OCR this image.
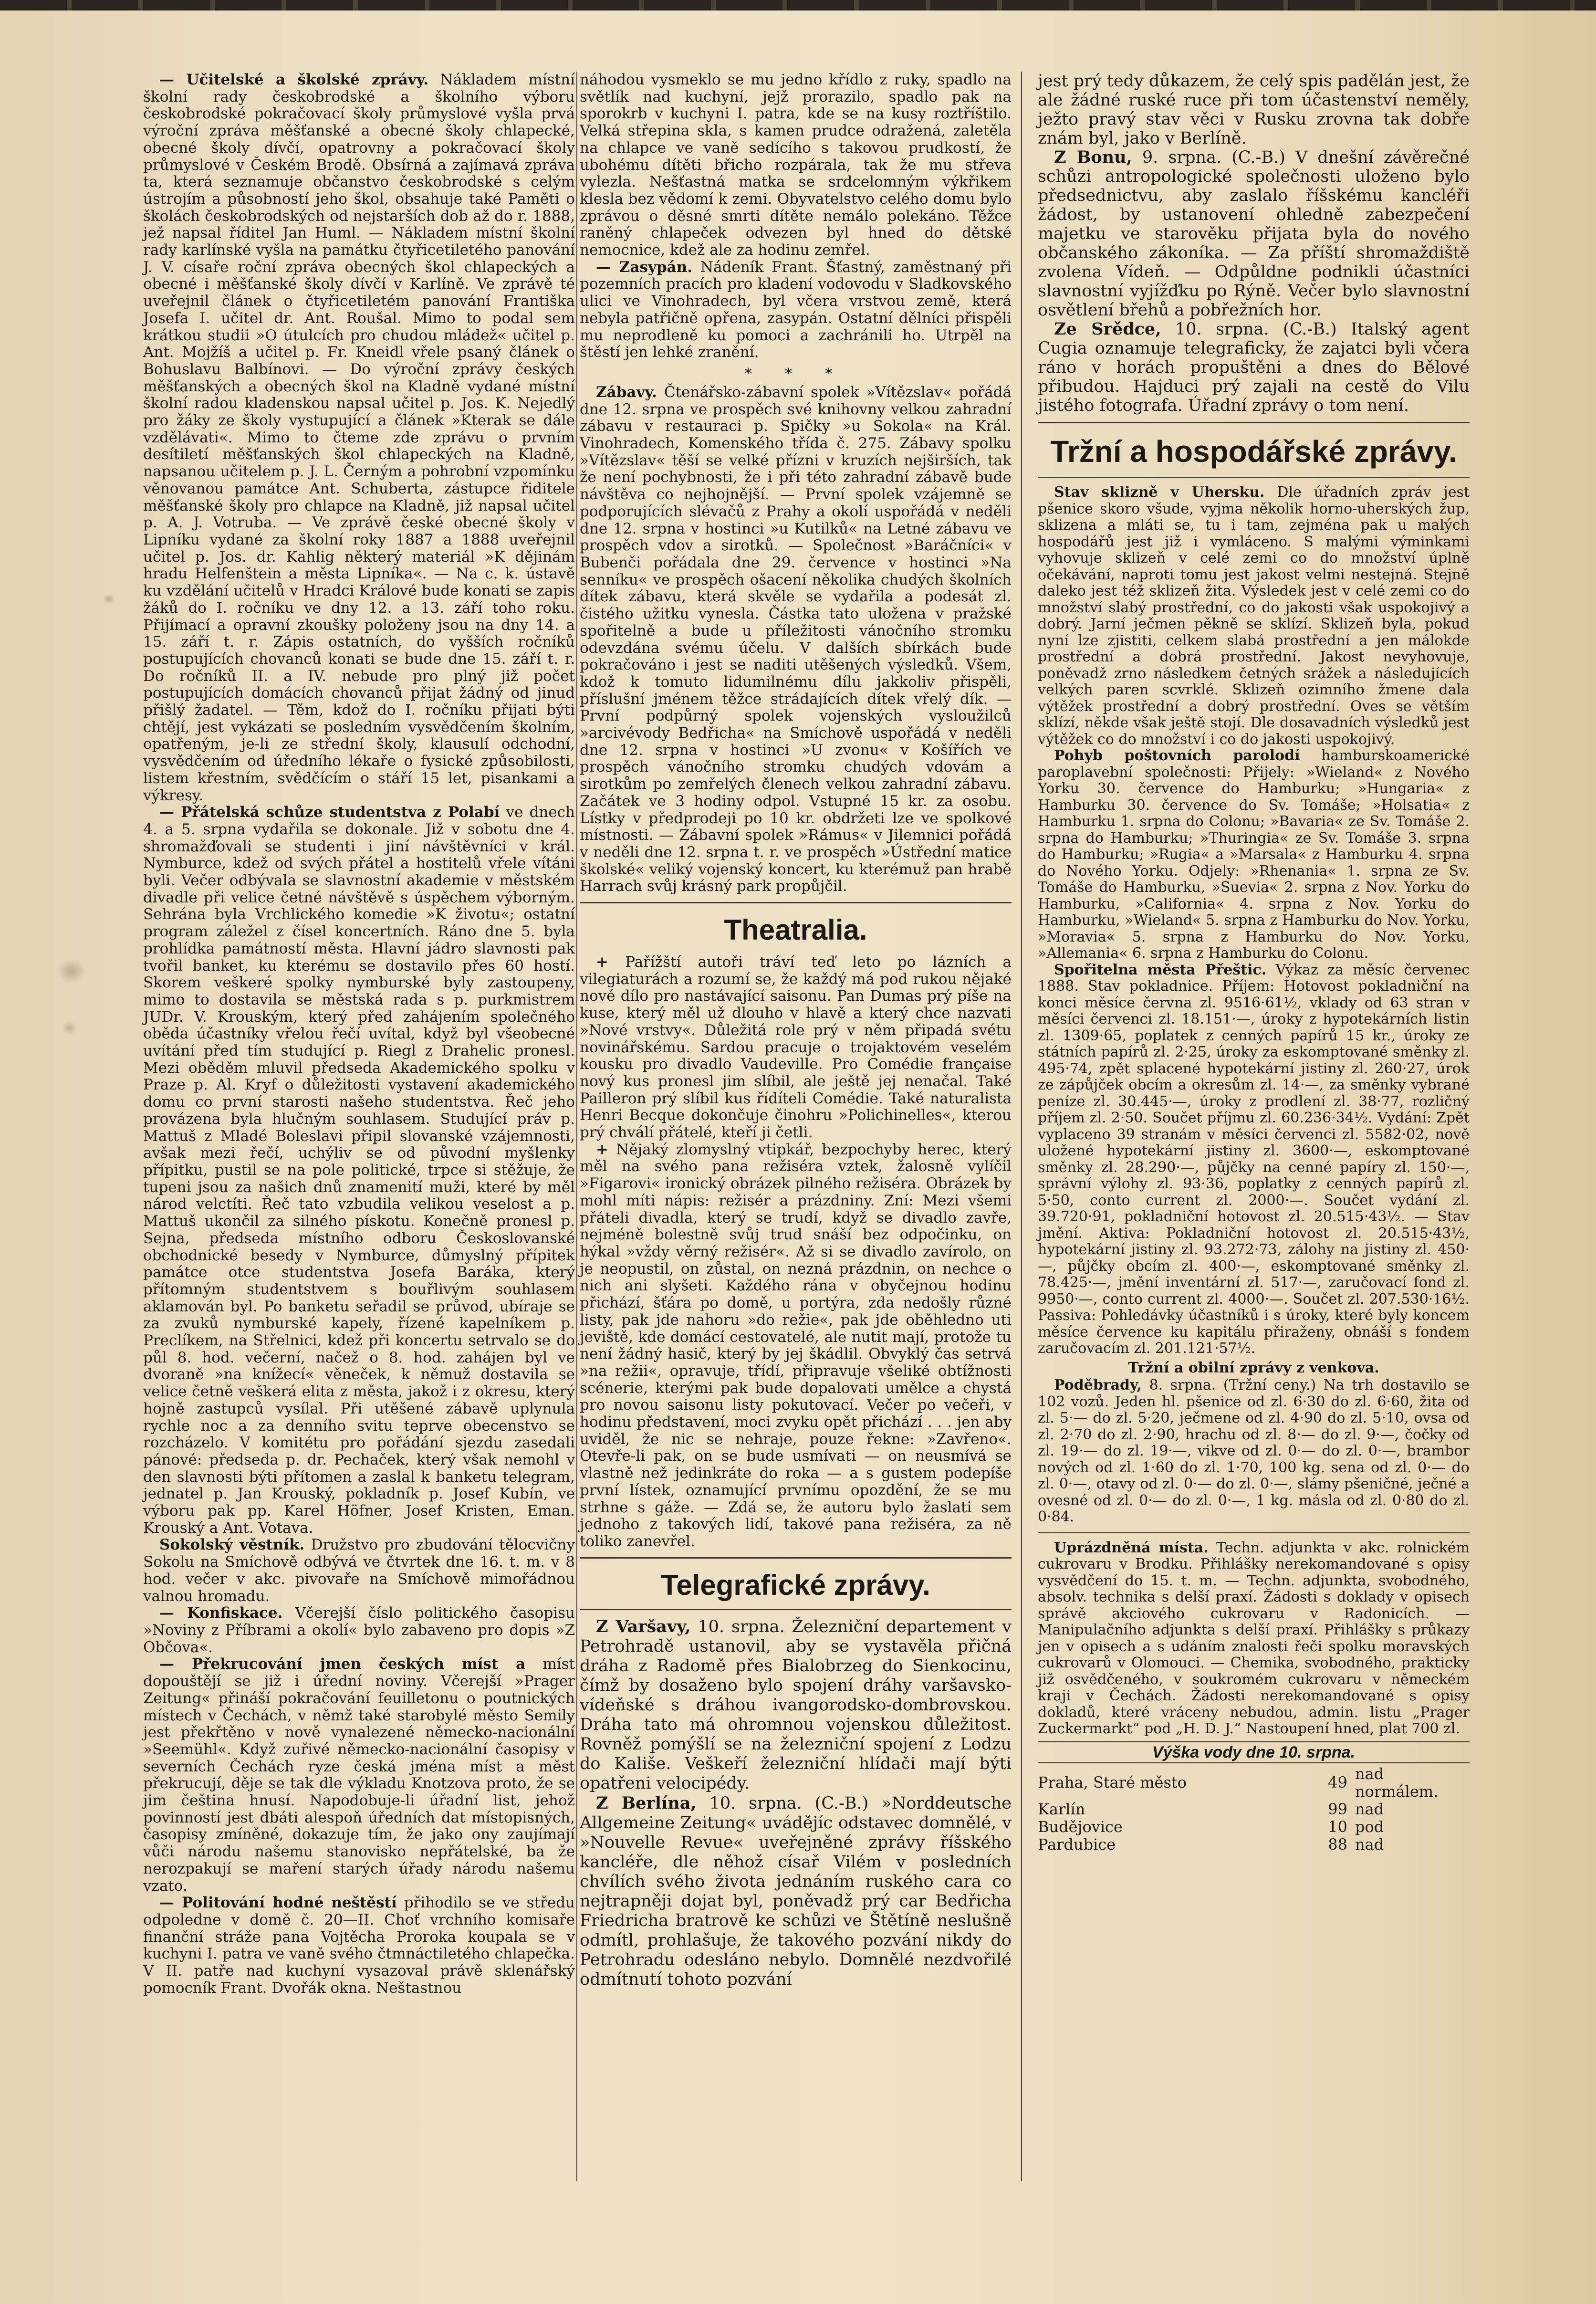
— Učitelské a školské zprávy. Nákladem místní školní rady českobrodské a školního výboru českobrodské pokračovací školy průmyslové vyšla prvá výroční zpráva měšťanské a obecné školy chlapecké, obecné školy dívčí, opatrovny a pokračovací školy průmyslové v Českém Brodě. Obsírná a zajímavá zpráva ta, která seznamuje občanstvo českobrodské s celým ústrojím a působností jeho škol, obsahuje také Paměti o školách českobrodských od nejstarších dob až do r. 1888, jež napsal říditel Jan Huml. — Nákladem místní školní rady karlínské vyšla na památku čtyřicetiletého panování J. V. císaře roční zpráva obecných škol chlapeckých a obecné i měšťanské školy dívčí v Karlíně. Ve zprávě té uveřejnil článek o čtyřicetiletém panování Františka Josefa I. učitel dr. Ant. Roušal. Mimo to podal sem krátkou studii »O útulcích pro chudou mládež« učitel p. Ant. Mojžíš a učitel p. Fr. Kneidl vřele psaný článek o Bohuslavu Balbínovi. — Do výroční zprávy českých měšťanských a obecných škol na Kladně vydané místní školní radou kladenskou napsal učitel p. Jos. K. Nejedlý pro žáky ze školy vystupující a článek »Kterak se dále vzdělávati«. Mimo to čteme zde zprávu o prvním desítiletí měšťanských škol chlapeckých na Kladně, napsanou učitelem p. J. L. Černým a pohrobní vzpomínku věnovanou památce Ant. Schuberta, zástupce řiditele měšťanské školy pro chlapce na Kladně, již napsal učitel p. A. J. Votruba. — Ve zprávě české obecné školy v Lipníku vydané za školní roky 1887 a 1888 uveřejnil učitel p. Jos. dr. Kahlig některý materiál »K dějinám hradu Helfenštein a města Lipníka«. — Na c. k. ústavě ku vzdělání učitelů v Hradci Králové bude konati se zapis žáků do I. ročníku ve dny 12. a 13. září toho roku. Přijímací a opravní zkoušky položeny jsou na dny 14. a 15. září t. r. Zápis ostatních, do vyšších ročníků postupujících chovanců konati se bude dne 15. září t. r. Do ročníků II. a IV. nebude pro plný již počet postupujících domácích chovanců přijat žádný od jinud přišlý žadatel. — Těm, kdož do I. ročníku přijati býti chtějí, jest vykázati se posledním vysvědčením školním, opatřeným, je-li ze střední školy, klausulí odchodní, vysvědčením od úředního lékaře o fysické způsobilosti, listem křestním, svědčícím o stáří 15 let, pisankami a výkresy.

— Přátelská schůze studentstva z Polabí ve dnech 4. a 5. srpna vydařila se dokonale. Již v sobotu dne 4. shromažďovali se studenti i jiní návštěvníci v král. Nymburce, kdež od svých přátel a hostitelů vřele vítáni byli. Večer odbývala se slavnostní akademie v městském divadle při velice četné návštěvě s úspěchem výborným. Sehrána byla Vrchlického komedie »K životu«; ostatní program záležel z čísel koncertních. Ráno dne 5. byla prohlídka památností města. Hlavní jádro slavnosti pak tvořil banket, ku kterému se dostavilo přes 60 hostí. Skorem veškeré spolky nymburské byly zastoupeny, mimo to dostavila se městská rada s p. purkmistrem JUDr. V. Krouským, který před zahájením společného oběda účastníky vřelou řečí uvítal, když byl všeobecné uvítání před tím studující p. Riegl z Drahelic pronesl. Mezi oběděm mluvil předseda Akademického spolku v Praze p. Al. Kryf o důležitosti vystavení akademického domu co první starosti našeho studentstva. Řeč jeho provázena byla hlučným souhlasem. Studující práv p. Mattuš z Mladé Boleslavi připil slovanské vzájemnosti, avšak mezi řečí, uchýliv se od původní myšlenky přípitku, pustil se na pole politické, trpce si stěžuje, že tupeni jsou za našich dnů znamenití muži, které by měl národ velctíti. Řeč tato vzbudila velikou veselost a p. Mattuš ukončil za silného pískotu. Konečně pronesl p. Sejna, předseda místního odboru Českoslovanské obchodnické besedy v Nymburce, důmyslný přípitek památce otce studentstva Josefa Baráka, který přítomným studentstvem s bouřlivým souhlasem aklamován byl. Po banketu seřadil se průvod, ubíraje se za zvuků nymburské kapely, řízené kapelníkem p. Preclíkem, na Střelnici, kdež při koncertu setrvalo se do půl 8. hod. večerní, načež o 8. hod. zahájen byl ve dvoraně »na knížecí« věneček, k němuž dostavila se velice četně veškerá elita z města, jakož i z okresu, který hojně zastupců vysílal. Při utěšené zábavě uplynula rychle noc a za denního svitu teprve obecenstvo se rozcházelo. V komitétu pro pořádání sjezdu zasedali pánové: předseda p. dr. Pechaček, který však nemohl v den slavnosti býti přítomen a zaslal k banketu telegram, jednatel p. Jan Krouský, pokladník p. Josef Kubín, ve výboru pak pp. Karel Höfner, Josef Kristen, Eman. Krouský a Ant. Votava.

Sokolský věstník. Družstvo pro zbudování tělocvičny Sokolu na Smíchově odbývá ve čtvrtek dne 16. t. m. v 8 hod. večer v akc. pivovaře na Smíchově mimořádnou valnou hromadu.

— Konfiskace. Včerejší číslo politického časopisu »Noviny z Příbrami a okolí« bylo zabaveno pro dopis »Z Občova«.

— Překrucování jmen českých míst a míst dopouštějí se již i úřední noviny. Včerejší »Prager Zeitung« přináší pokračování feuilletonu o poutnických místech v Čechách, v němž také starobylé město Semily jest překřtěno v nově vynalezené německo-nacionální »Seemühl«. Když zuřivé německo-nacionální časopisy v severních Čechách ryze česká jména míst a měst překrucují, děje se tak dle výkladu Knotzova proto, že se jim čeština hnusí. Napodobuje-li úřadní list, jehož povinností jest dbáti alespoň úředních dat místopisných, časopisy zmíněné, dokazuje tím, že jako ony zaujímají vůči národu našemu stanovisko nepřátelské, ba že nerozpakují se maření starých úřady národu našemu vzato.

— Politování hodné neštěstí přihodilo se ve středu odpoledne v domě č. 20—II. Choť vrchního komisaře finanční stráže pana Vojtěcha Proroka koupala se v kuchyni I. patra ve vaně svého čtmnáctiletého chlapečka. V II. patře nad kuchyní vysazoval právě sklenářský pomocník Frant. Dvořák okna. Neštastnou

náhodou vysmeklo se mu jedno křídlo z ruky, spadlo na světlík nad kuchyní, jejž prorazilo, spadlo pak na sporokrb v kuchyni I. patra, kde se na kusy roztříštilo. Velká střepina skla, s kamen prudce odražená, zaletěla na chlapce ve vaně sedícího s takovou prudkostí, že ubohému dítěti břicho rozpárala, tak že mu střeva vylezla. Nešťastná matka se srdcelomným výkřikem klesla bez vědomí k zemi. Obyvatelstvo celého domu bylo zprávou o děsné smrti dítěte nemálo polekáno. Těžce raněný chlapeček odvezen byl hned do dětské nemocnice, kdež ale za hodinu zemřel.

— Zasypán. Nádeník Frant. Šťastný, zaměstnaný při pozemních pracích pro kladení vodovodu v Sladkovského ulici ve Vinohradech, byl včera vrstvou země, která nebyla patřičně opřena, zasypán. Ostatní dělníci přispěli mu neprodleně ku pomoci a zachránili ho. Utrpěl na štěstí jen lehké zranění.

* * *

Zábavy. Čtenářsko-zábavní spolek »Vítězslav« pořádá dne 12. srpna ve prospěch své knihovny velkou zahradní zábavu v restauraci p. Spičky »u Sokola« na Král. Vinohradech, Komenského třída č. 275. Zábavy spolku »Vítězslav« těší se velké přízni v kruzích nejširších, tak že není pochybnosti, že i při této zahradní zábavě bude návštěva co nejhojnější. — První spolek vzájemně se podporujících slévačů z Prahy a okolí uspořádá v neděli dne 12. srpna v hostinci »u Kutilků« na Letné zábavu ve prospěch vdov a sirotků. — Společnost »Baráčníci« v Bubenči pořádala dne 29. července v hostinci »Na senníku« ve prospěch ošacení několika chudých školních dítek zábavu, která skvěle se vydařila a podesát zl. čistého užitku vynesla. Částka tato uložena v pražské spořitelně a bude u příležitosti vánočního stromku odevzdána svému účelu. V dalších sbírkách bude pokračováno i jest se naditi utěšených výsledků. Všem, kdož k tomuto lidumilnému dílu jakkoliv přispěli, příslušní jménem těžce strádajících dítek vřelý dík. — První podpůrný spolek vojenských vysloužilců »arcivévody Bedřicha« na Smíchově uspořádá v neděli dne 12. srpna v hostinci »U zvonu« v Košířích ve prospěch vánočního stromku chudých vdovám a sirotkům po zemřelých členech velkou zahradní zábavu. Začátek ve 3 hodiny odpol. Vstupné 15 kr. za osobu. Lístky v předprodeji po 10 kr. obdržeti lze ve spolkové místnosti. — Zábavní spolek »Rámus« v Jilemnici pořádá v neděli dne 12. srpna t. r. ve prospěch »Ústřední matice školské« veliký vojenský koncert, ku kterémuž pan hrabě Harrach svůj krásný park propůjčil.

Theatralia.

+ Pařížští autoři tráví teď leto po lázních a vilegiaturách a rozumí se, že každý má pod rukou nějaké nové dílo pro nastávající saisonu. Pan Dumas prý píše na kuse, který měl už dlouho v hlavě a který chce nazvati »Nové vrstvy«. Důležitá role prý v něm připadá svétu novinářskému. Sardou pracuje o trojaktovém veselém kousku pro divadlo Vaudeville. Pro Comédie française nový kus pronesl jim slíbil, ale ještě jej nenačal. Také Pailleron prý slíbil kus řídíteli Comédie. Také naturalista Henri Becque dokončuje činohru »Polichinelles«, kterou prý chválí přátelé, kteří ji četli.

+ Nějaký zlomyslný vtipkář, bezpochyby herec, který měl na svého pana režiséra vztek, žalosně vylíčil »Figarovi« ironický obrázek pilného režiséra. Obrázek by mohl míti nápis: režisér a prázdniny. Zní: Mezi všemi přáteli divadla, který se trudí, když se divadlo zavře, nejméně bolestně svůj trud snáší bez odpočinku, on hýkal »vždy věrný režisér«. Až si se divadlo zavírolo, on je neopustil, on zůstal, on nezná prázdnin, on nechce o nich ani slyšeti. Každého rána v obyčejnou hodinu přichází, šťára po domě, u portýra, zda nedošly různé listy, pak jde nahoru »do režie«, pak jde oběhledno uti jeviště, kde domácí cestovatelé, ale nutit mají, protože tu není žádný hasič, který by jej škádlil. Obvyklý čas setrvá »na režii«, opravuje, třídí, připravuje všeliké obtížnosti scénerie, kterými pak bude dopalovati umělce a chystá pro novou saisonu listy pokutovací. Večer po večeři, v hodinu představení, moci zvyku opět přichází . . . jen aby uviděl, že nic se nehraje, pouze řekne: »Zavřeno«. Otevře-li pak, on se bude usmívati — on neusmívá se vlastně než jedinkráte do roka — a s gustem podepíše první lístek, oznamující prvnímu opozdění, že se mu strhne s gáže. — Zdá se, že autoru bylo žaslati sem jednoho z takových lidí, takové pana režiséra, za ně toliko zanevřel.

Telegrafické zprávy.

Z Varšavy, 10. srpna. Železniční departement v Petrohradě ustanovil, aby se vystavěla přičná dráha z Radomě přes Bialobrzeg do Sienkocinu, čímž by dosaženo bylo spojení dráhy varšavsko-vídeňské s dráhou ivangorodsko-dombrovskou. Dráha tato má ohromnou vojenskou důležitost. Rovněž pomýšlí se na železniční spojení z Lodzu do Kališe. Veškeří železniční hlídači mají býti opatřeni velocipédy.

Z Berlína, 10. srpna. (C.-B.) »Norddeutsche Allgemeine Zeitung« uvádějíc odstavec domnělé, v »Nouvelle Revue« uveřejněné zprávy říšského kancléře, dle něhož císař Vilém v posledních chvílích svého života jednáním ruského cara co nejtrapněji dojat byl, poněvadž prý car Bedřicha Friedricha bratrově ke schůzi ve Štětíně neslušně odmítl, prohlašuje, že takového pozvání nikdy do Petrohradu odesláno nebylo. Domnělé nezdvořilé odmítnutí tohoto pozvání

jest prý tedy důkazem, že celý spis padělán jest, že ale žádné ruské ruce při tom účastenství neměly, ježto pravý stav věci v Rusku zrovna tak dobře znám byl, jako v Berlíně.

Z Bonu, 9. srpna. (C.-B.) V dnešní závěrečné schůzi antropologické společnosti uloženo bylo předsednictvu, aby zaslalo říšskému kancléři žádost, by ustanovení ohledně zabezpečení majetku ve starověku přijata byla do nového občanského zákoníka. — Za příští shromaždiště zvolena Vídeň. — Odpůldne podnikli účastníci slavnostní vyjížďku po Rýně. Večer bylo slavnostní osvětlení břehů a pobřežních hor.

Ze Srědce, 10. srpna. (C.-B.) Italský agent Cugia oznamuje telegraficky, že zajatci byli včera ráno v horách propuštěni a dnes do Bělové přibudou. Hajduci prý zajali na cestě do Vilu jistého fotografa. Úřadní zprávy o tom není.

Tržní a hospodářské zprávy.

Stav sklizně v Uhersku. Dle úřadních zpráv jest pšenice skoro všude, vyjma několik horno-uherských žup, sklizena a mláti se, tu i tam, zejména pak u malých hospodářů jest již i vymláceno. S malými výminkami vyhovuje sklizeň v celé zemi co do množství úplně očekávání, naproti tomu jest jakost velmi nestejná. Stejně daleko jest též sklizeň žita. Výsledek jest v celé zemi co do množství slabý prostřední, co do jakosti však uspokojivý a dobrý. Jarní ječmen pěkně se sklízí. Sklizeň byla, pokud nyní lze zjistiti, celkem slabá prostřední a jen málokde prostřední a dobrá prostřední. Jakost nevyhovuje, poněvadž zrno následkem četných srážek a následujících velkých paren scvrklé. Sklizeň ozimního žmene dala výtěžek prostřední a dobrý prostřední. Oves se větším sklízí, někde však ještě stojí. Dle dosavadních výsledků jest výtěžek co do množství i co do jakosti uspokojivý.

Pohyb poštovních parolodí hamburskoamerické paroplavební společnosti: Přijely: »Wieland« z Nového Yorku 30. července do Hamburku; »Hungaria« z Hamburku 30. července do Sv. Tomáše; »Holsatia« z Hamburku 1. srpna do Colonu; »Bavaria« ze Sv. Tomáše 2. srpna do Hamburku; »Thuringia« ze Sv. Tomáše 3. srpna do Hamburku; »Rugia« a »Marsala« z Hamburku 4. srpna do Nového Yorku. Odjely: »Rhenania« 1. srpna ze Sv. Tomáše do Hamburku, »Suevia« 2. srpna z Nov. Yorku do Hamburku, »California« 4. srpna z Nov. Yorku do Hamburku, »Wieland« 5. srpna z Hamburku do Nov. Yorku, »Moravia« 5. srpna z Hamburku do Nov. Yorku, »Allemania« 6. srpna z Hamburku do Colonu.

Spořitelna města Přeštic. Výkaz za měsíc červenec 1888. Stav pokladnice. Příjem: Hotovost pokladniční na konci měsíce června zl. 9516·61½, vklady od 63 stran v měsíci červenci zl. 18.151·—, úroky z hypotekárních listin zl. 1309·65, poplatek z cenných papírů 15 kr., úroky ze státních papírů zl. 2·25, úroky za eskomptované směnky zl. 495·74, zpět splacené hypotekární jistiny zl. 260·27, úrok ze zápůjček obcím a okresům zl. 14·—, za směnky vybrané peníze zl. 30.445·—, úroky z prodlení zl. 38·77, rozličný příjem zl. 2·50. Součet příjmu zl. 60.236·34½. Vydání: Zpět vyplaceno 39 stranám v měsíci červenci zl. 5582·02, nově uložené hypotekární jistiny zl. 3600·—, eskomptované směnky zl. 28.290·—, půjčky na cenné papíry zl. 150·—, správní výlohy zl. 93·36, poplatky z cenných papírů zl. 5·50, conto current zl. 2000·—. Součet vydání zl. 39.720·91, pokladniční hotovost zl. 20.515·43½. — Stav jmění. Aktiva: Pokladniční hotovost zl. 20.515·43½, hypotekární jistiny zl. 93.272·73, zálohy na jistiny zl. 450·—, půjčky obcím zl. 400·—, eskomptované směnky zl. 78.425·—, jmění inventární zl. 517·—, zaručovací fond zl. 9950·—, conto current zl. 4000·—. Součet zl. 207.530·16½. Passiva: Pohledávky účastníků i s úroky, které byly koncem měsíce července ku kapitálu přiraženy, obnáší s fondem zaručovacím zl. 201.121·57½.

Tržní a obilní zprávy z venkova.

Poděbrady, 8. srpna. (Tržní ceny.) Na trh dostavilo se 102 vozů. Jeden hl. pšenice od zl. 6·30 do zl. 6·60, žita od zl. 5·— do zl. 5·20, ječmene od zl. 4·90 do zl. 5·10, ovsa od zl. 2·70 do zl. 2·90, hrachu od zl. 8·— do zl. 9·—, čočky od zl. 19·— do zl. 19·—, vikve od zl. 0·— do zl. 0·—, brambor nových od zl. 1·60 do zl. 1·70, 100 kg. sena od zl. 0·— do zl. 0·—, otavy od zl. 0·— do zl. 0·—, slámy pšeničné, ječné a ovesné od zl. 0·— do zl. 0·—, 1 kg. másla od zl. 0·80 do zl. 0·84.

Uprázdněná místa. Techn. adjunkta v akc. rolnickém cukrovaru v Brodku. Přihlášky nerekomandované s opisy vysvědčení do 15. t. m. — Techn. adjunkta, svobodného, absolv. technika s delší praxí. Žádosti s doklady v opisech správě akciového cukrovaru v Radonicích. — Manipulačního adjunkta s delší praxí. Přihlášky s průkazy jen v opisech a s udáním znalosti řeči spolku moravských cukrovarů v Olomouci. — Chemika, svobodného, prakticky již osvědčeného, v soukromém cukrovaru v německém kraji v Čechách. Žádosti nerekomandované s opisy dokladů, které vráceny nebudou, admin. listu „Prager Zuckermarkt“ pod „H. D. J.“ Nastoupení hned, plat 700 zl.

Výška vody dne 10. srpna.
Praha, Staré město	49	nad normálem.
Karlín	99	nad
Budějovice	10	pod
Pardubice	88	nad
